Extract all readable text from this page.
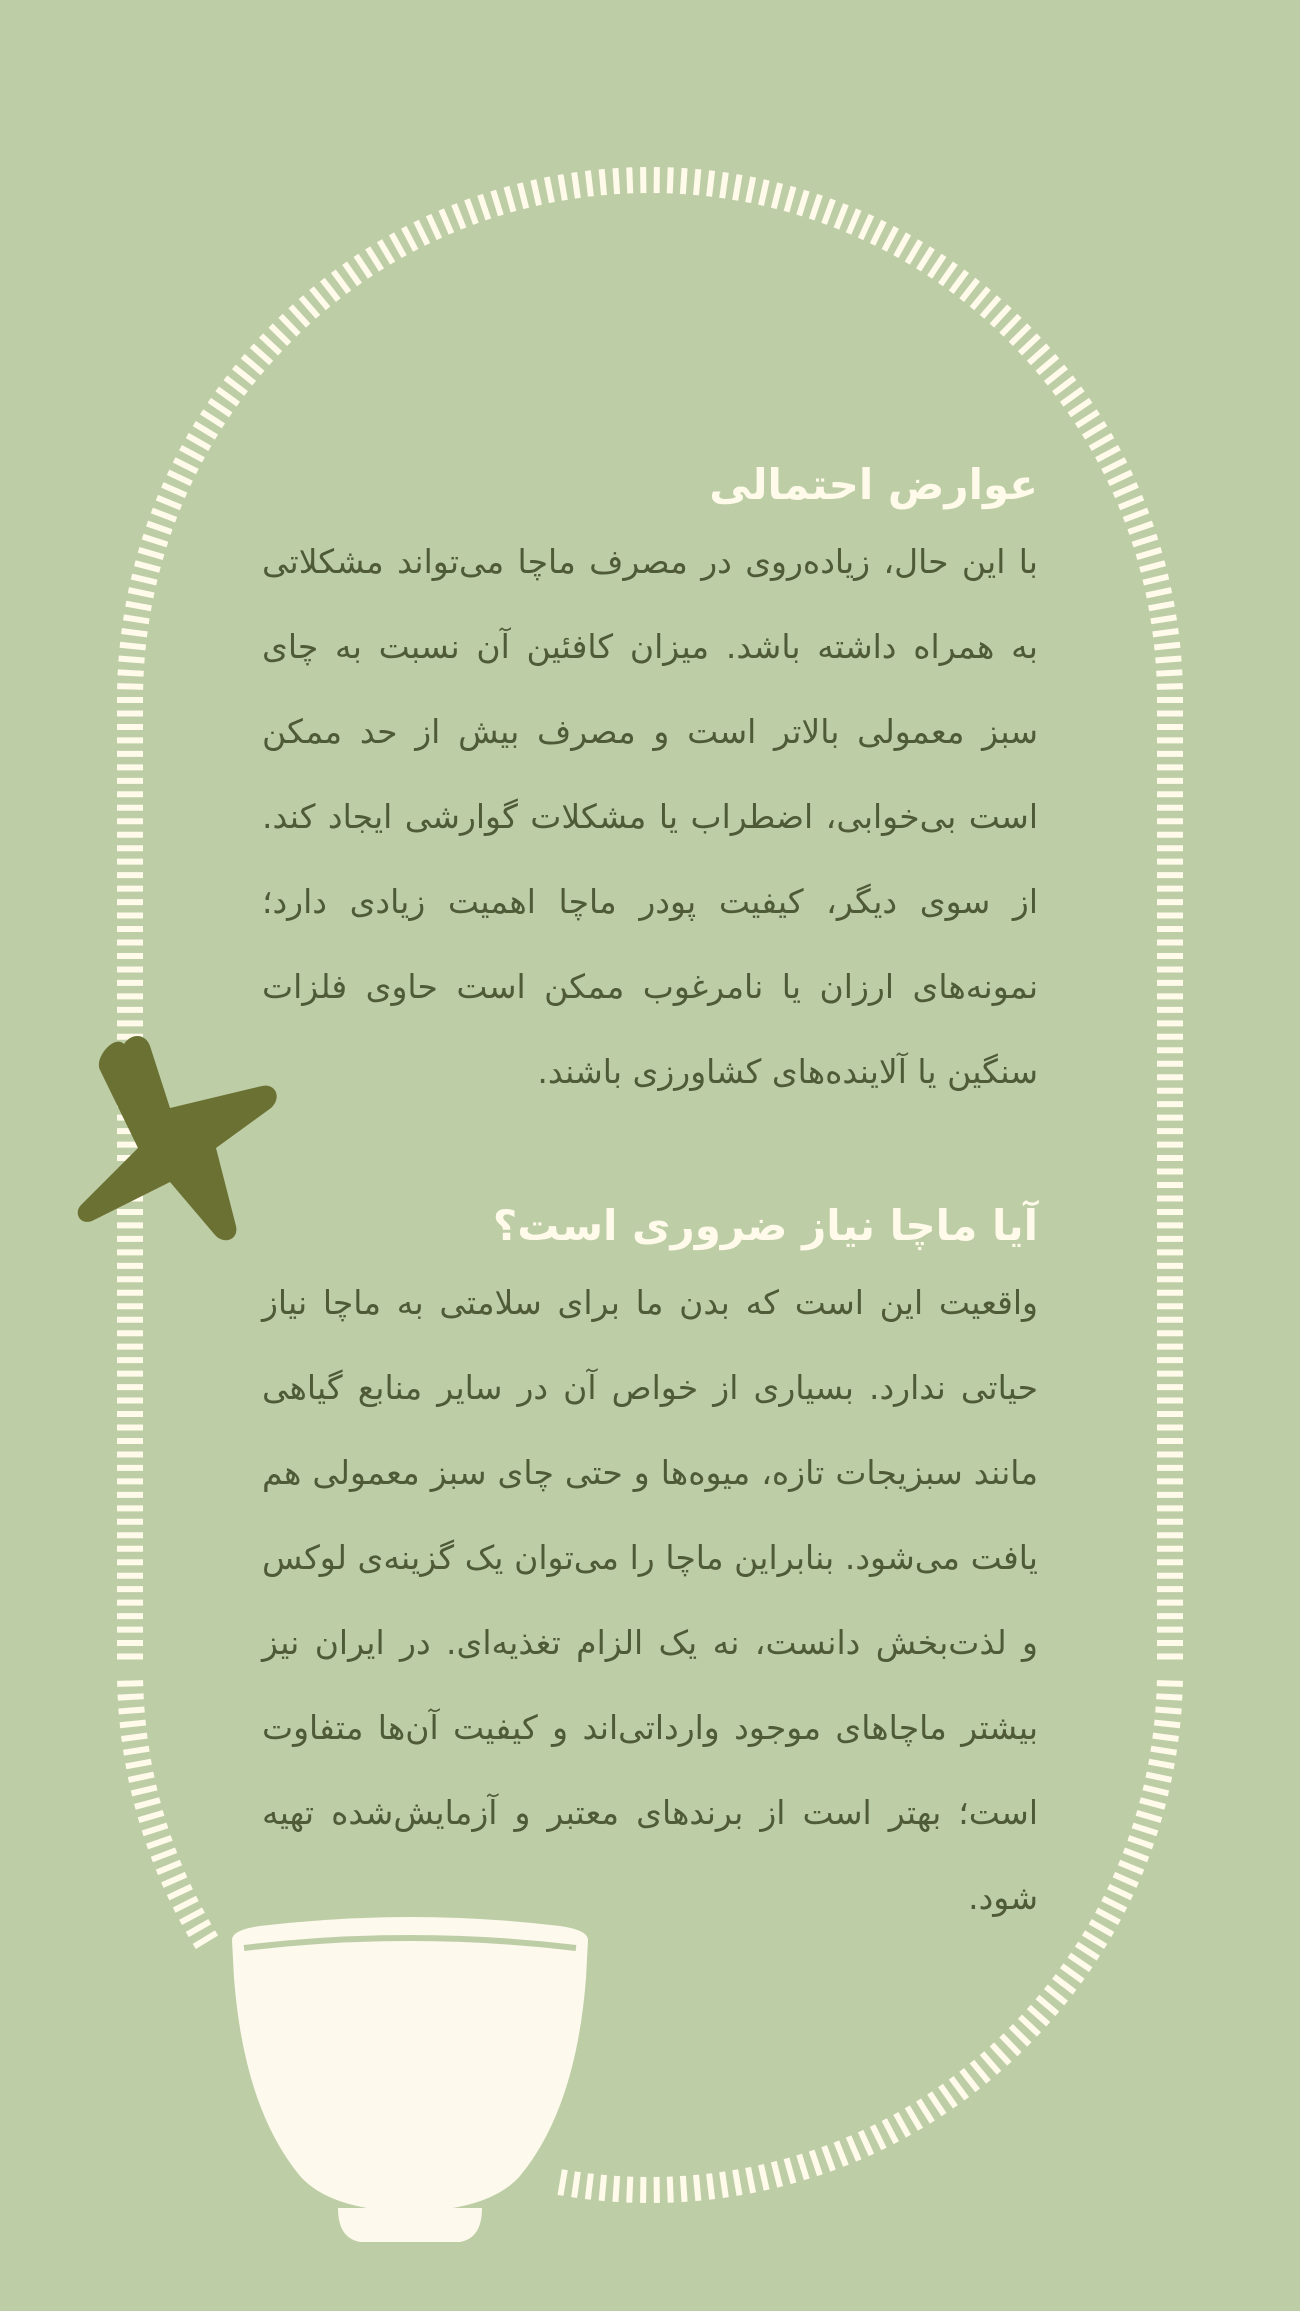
عوارض احتمالی

با این حال، زیاده‌روی در مصرف ماچا می‌تواند مشکلاتی به همراه داشته باشد. میزان کافئین آن نسبت به چای سبز معمولی بالاتر است و مصرف بیش از حد ممکن است بی‌خوابی، اضطراب یا مشکلات گوارشی ایجاد کند. از سوی دیگر، کیفیت پودر ماچا اهمیت زیادی دارد؛ نمونه‌های ارزان یا نامرغوب ممکن است حاوی فلزات سنگین یا آلاینده‌های کشاورزی باشند.

آیا ماچا نیاز ضروری است؟

واقعیت این است که بدن ما برای سلامتی به ماچا نیاز حیاتی ندارد. بسیاری از خواص آن در سایر منابع گیاهی مانند سبزیجات تازه، میوه‌ها و حتی چای سبز معمولی هم یافت می‌شود. بنابراین ماچا را می‌توان یک گزینه‌ی لوکس و لذت‌بخش دانست، نه یک الزام تغذیه‌ای. در ایران نیز بیشتر ماچاهای موجود وارداتی‌اند و کیفیت آن‌ها متفاوت است؛ بهتر است از برندهای معتبر و آزمایش‌شده تهیه شود.
